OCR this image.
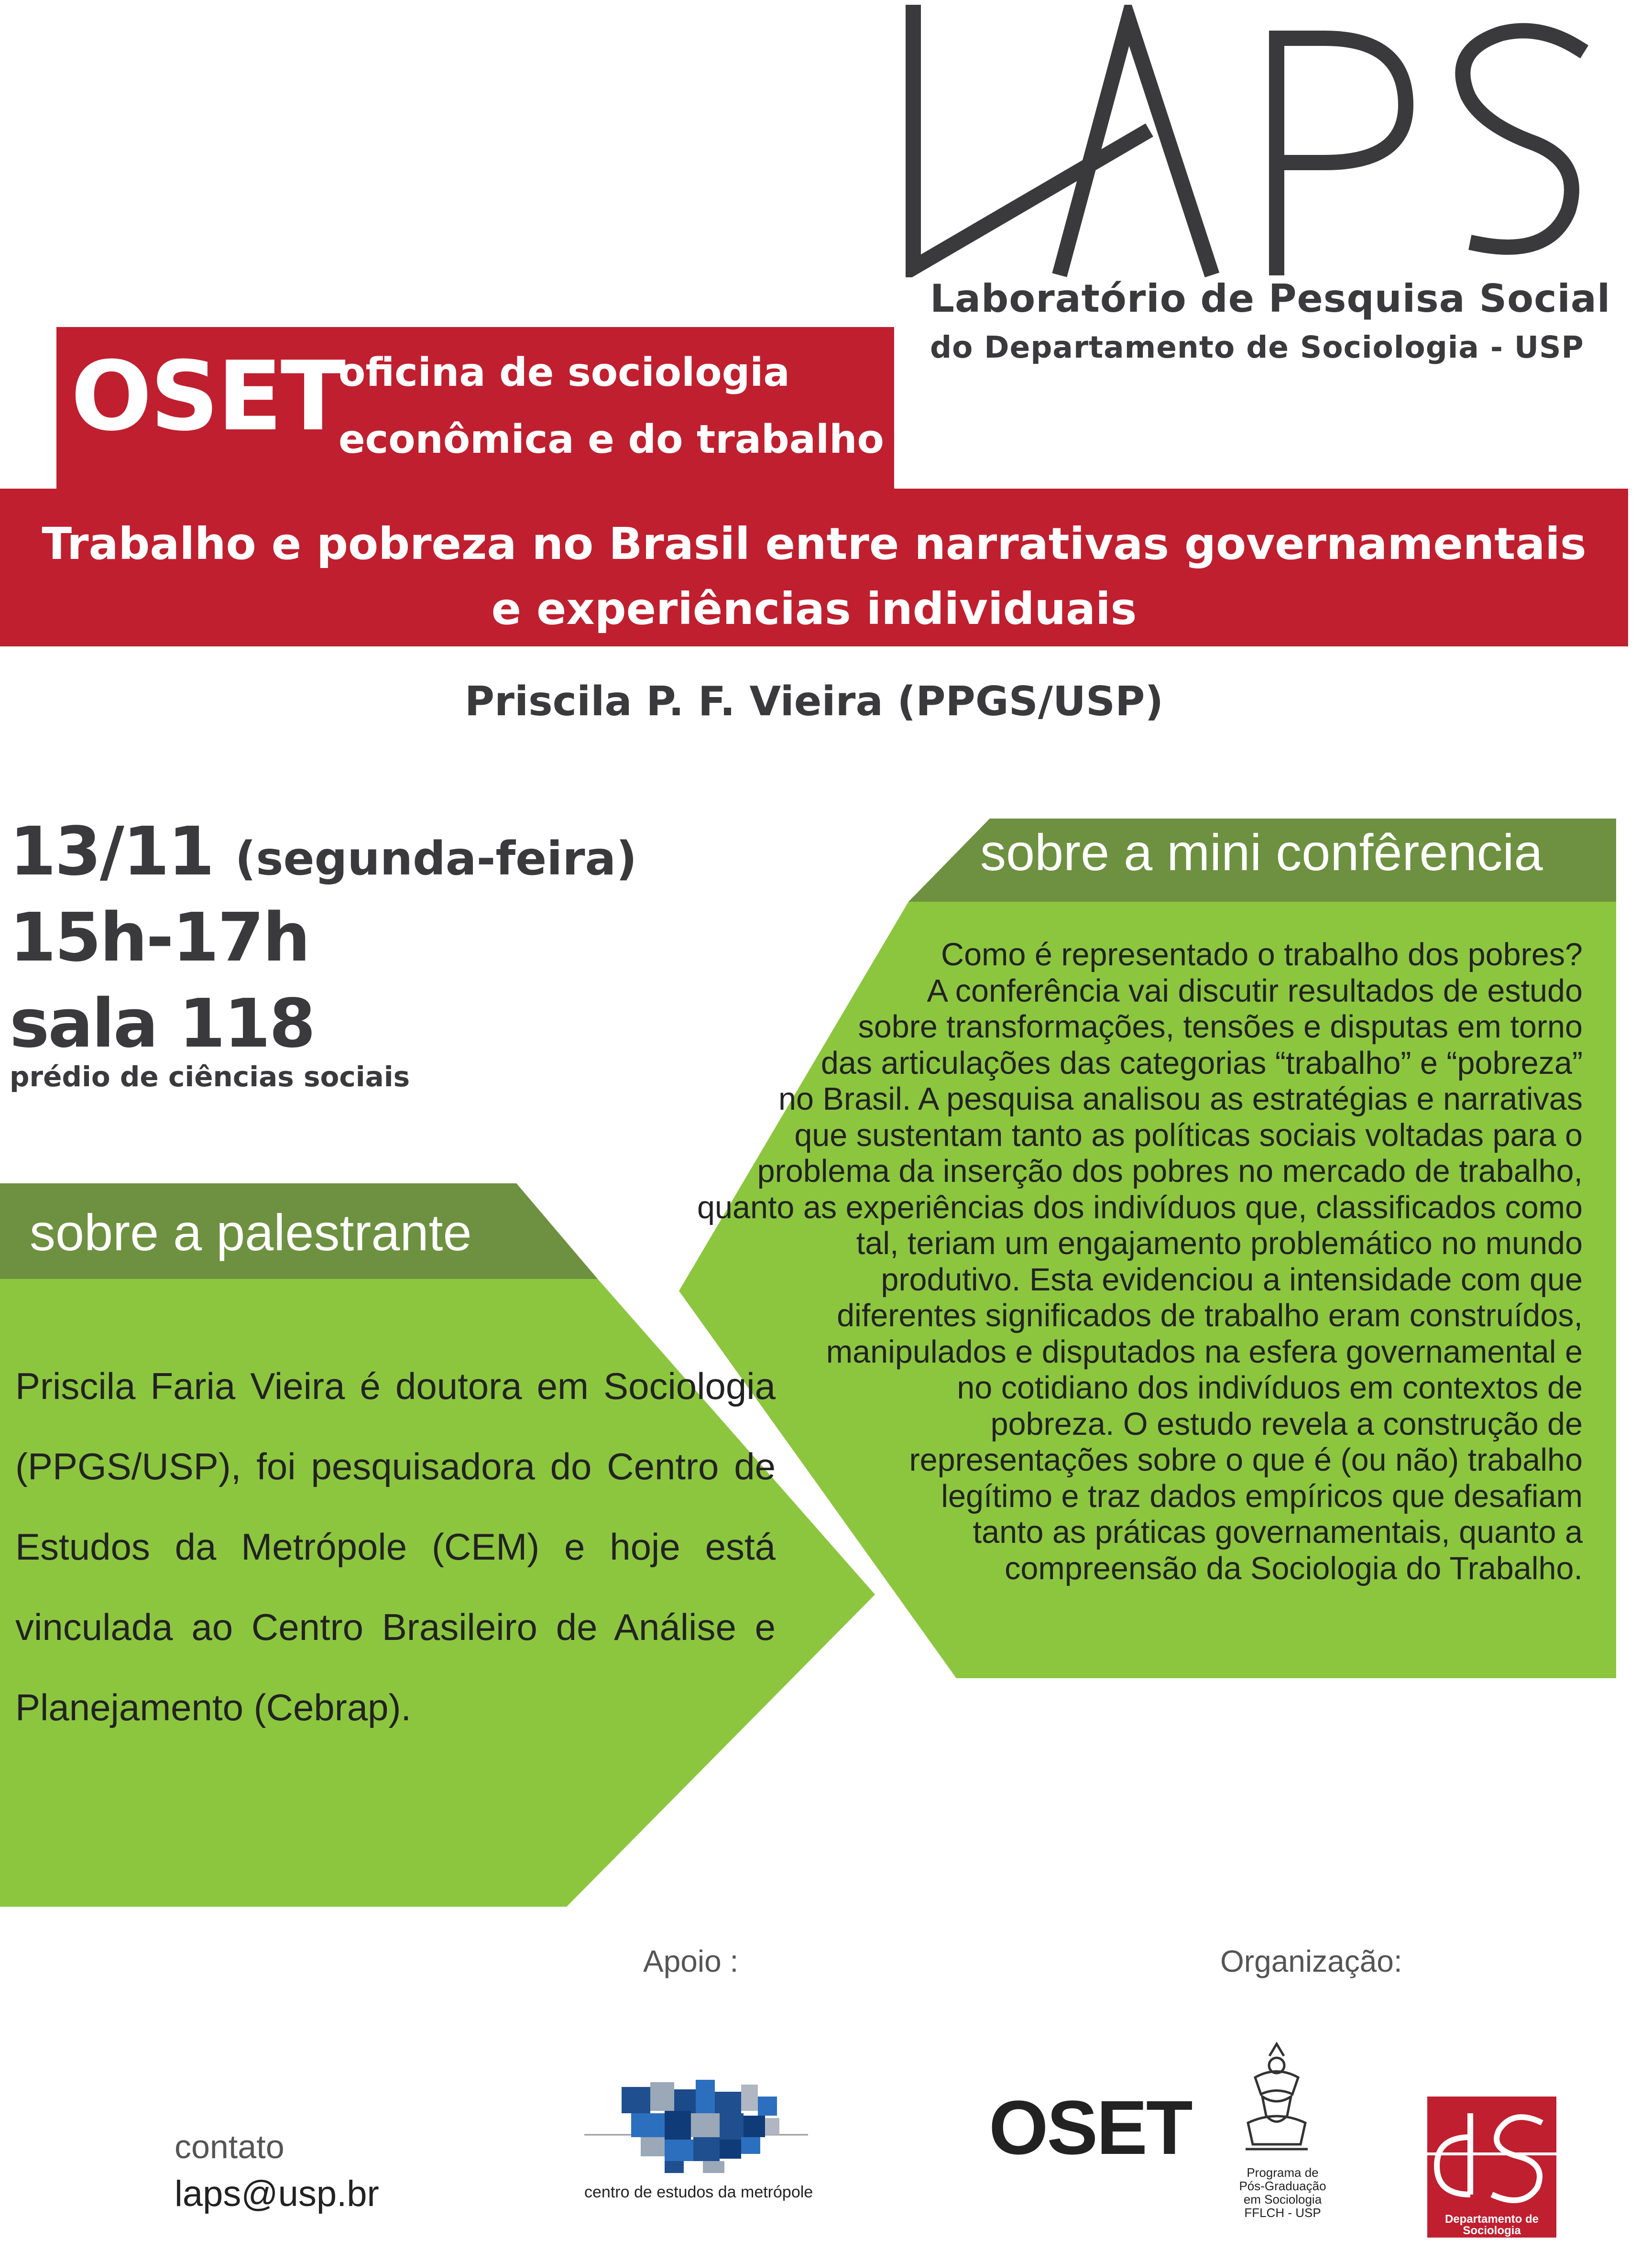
Laboratório de Pesquisa Social
do Departamento de Sociologia - USP
OSET
oficina de sociologia
econômica e do trabalho
Trabalho e pobreza no Brasil entre narrativas governamentais
e experiências individuais
Priscila P. F. Vieira (PPGS/USP)
13/11 (segunda-feira)
15h-17h
sala 118
prédio de ciências sociais
sobre a mini confêrencia

Como é representado o trabalho dos pobres?

A conferência vai discutir resultados de estudo

sobre transformações, tensões e disputas em torno

das articulações das categorias “trabalho” e “pobreza”

no Brasil. A pesquisa analisou as estratégias e narrativas

que sustentam tanto as políticas sociais voltadas para o

problema da inserção dos pobres no mercado de trabalho,

quanto as experiências dos indivíduos que, classificados como

tal, teriam um engajamento problemático no mundo

produtivo. Esta evidenciou a intensidade com que

diferentes significados de trabalho eram construídos,

manipulados e disputados na esfera governamental e

no cotidiano dos indivíduos em contextos de

pobreza. O estudo revela a construção de

representações sobre o que é (ou não) trabalho

legítimo e traz dados empíricos que desafiam

tanto as práticas governamentais, quanto a

compreensão da Sociologia do Trabalho.

sobre a palestrante
Priscila Faria Vieira é doutora em Sociologia (PPGS/USP), foi pesquisadora do Centro de Estudos da Metrópole (CEM) e hoje está vinculada ao Centro Brasileiro de Análise e Planejamento (Cebrap).
Apoio :	Organização:
contato
laps@usp.br	centro de estudos da metrópole
OSET

Programa de

Pós-Graduação

em Sociologia

FFLCH - USP	Departamento de

Sociologia
